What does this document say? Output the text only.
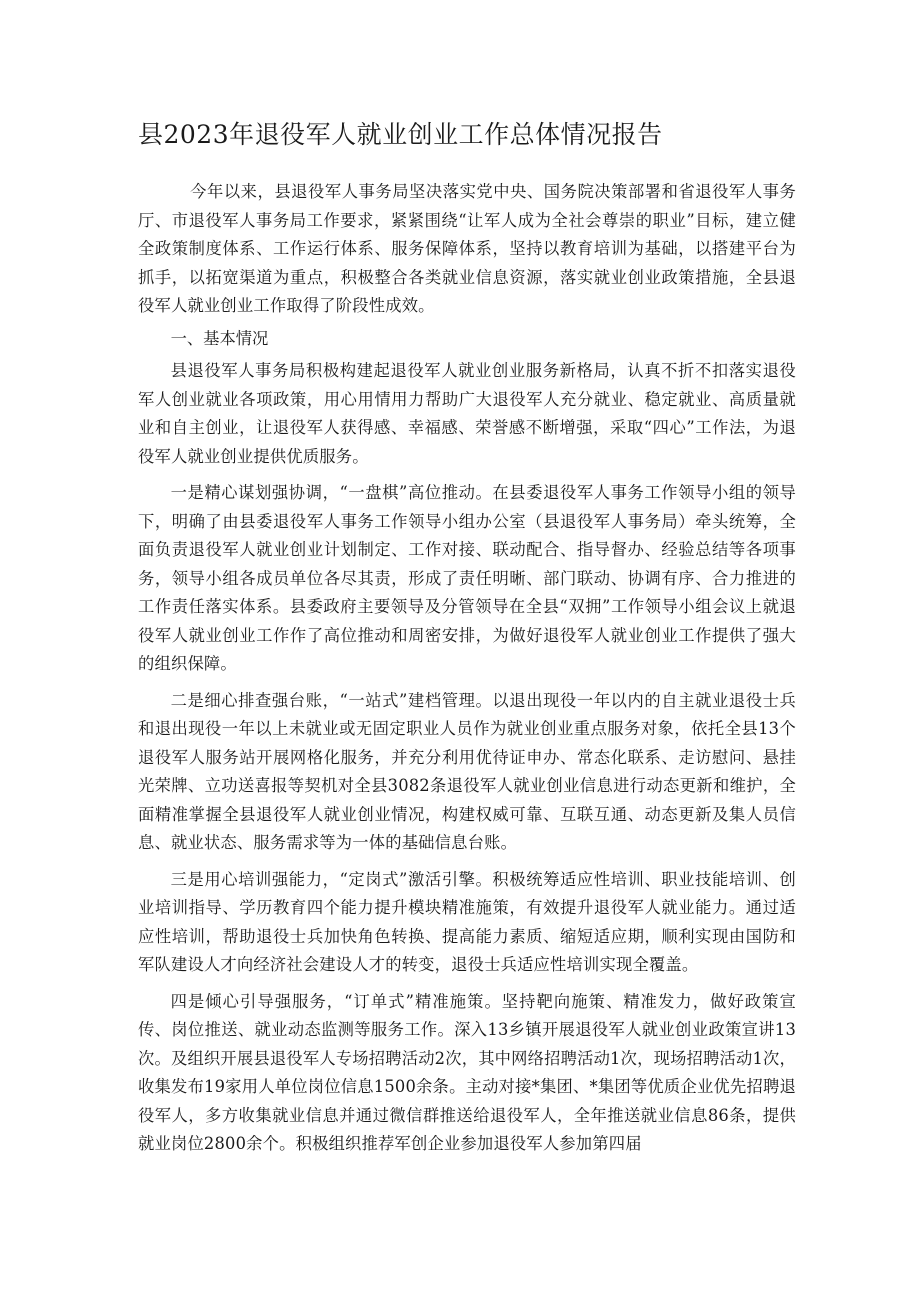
县2023年退役军人就业创业工作总体情况报告

今年以来，县退役军人事务局坚决落实党中央、国务院决策部署和省退役军人事务厅、市退役军人事务局工作要求，紧紧围绕“让军人成为全社会尊崇的职业”目标，建立健全政策制度体系、工作运行体系、服务保障体系，坚持以教育培训为基础，以搭建平台为抓手，以拓宽渠道为重点，积极整合各类就业信息资源，落实就业创业政策措施，全县退役军人就业创业工作取得了阶段性成效。

一、基本情况

县退役军人事务局积极构建起退役军人就业创业服务新格局，认真不折不扣落实退役军人创业就业各项政策，用心用情用力帮助广大退役军人充分就业、稳定就业、高质量就业和自主创业，让退役军人获得感、幸福感、荣誉感不断增强，采取“四心”工作法，为退役军人就业创业提供优质服务。

一是精心谋划强协调，“一盘棋”高位推动。在县委退役军人事务工作领导小组的领导下，明确了由县委退役军人事务工作领导小组办公室（县退役军人事务局）牵头统筹，全面负责退役军人就业创业计划制定、工作对接、联动配合、指导督办、经验总结等各项事务，领导小组各成员单位各尽其责，形成了责任明晰、部门联动、协调有序、合力推进的工作责任落实体系。县委政府主要领导及分管领导在全县“双拥”工作领导小组会议上就退役军人就业创业工作作了高位推动和周密安排，为做好退役军人就业创业工作提供了强大的组织保障。

二是细心排查强台账，“一站式”建档管理。以退出现役一年以内的自主就业退役士兵和退出现役一年以上未就业或无固定职业人员作为就业创业重点服务对象，依托全县13个退役军人服务站开展网格化服务，并充分利用优待证申办、常态化联系、走访慰问、悬挂光荣牌、立功送喜报等契机对全县3082条退役军人就业创业信息进行动态更新和维护，全面精准掌握全县退役军人就业创业情况，构建权威可靠、互联互通、动态更新及集人员信息、就业状态、服务需求等为一体的基础信息台账。

三是用心培训强能力，“定岗式”激活引擎。积极统筹适应性培训、职业技能培训、创业培训指导、学历教育四个能力提升模块精准施策，有效提升退役军人就业能力。通过适应性培训，帮助退役士兵加快角色转换、提高能力素质、缩短适应期，顺利实现由国防和军队建设人才向经济社会建设人才的转变，退役士兵适应性培训实现全覆盖。

四是倾心引导强服务，“订单式”精准施策。坚持靶向施策、精准发力，做好政策宣传、岗位推送、就业动态监测等服务工作。深入13乡镇开展退役军人就业创业政策宣讲13次。及组织开展县退役军人专场招聘活动2次，其中网络招聘活动1次，现场招聘活动1次，收集发布19家用人单位岗位信息1500余条。主动对接*集团、*集团等优质企业优先招聘退役军人，多方收集就业信息并通过微信群推送给退役军人，全年推送就业信息86条，提供就业岗位2800余个。积极组织推荐军创企业参加退役军人参加第四届
